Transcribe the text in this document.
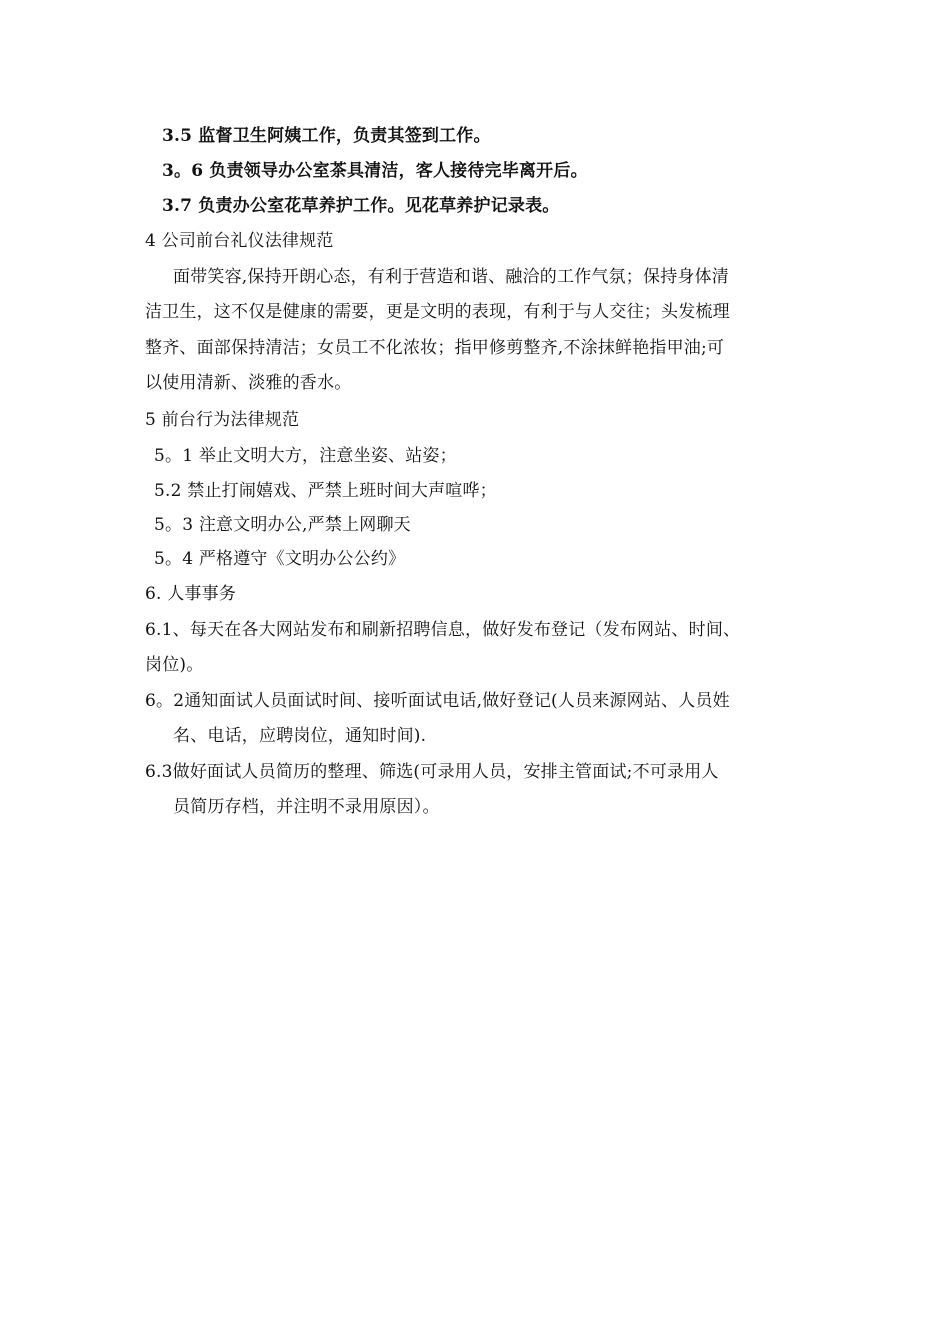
3.5 监督卫生阿姨工作，负责其签到工作。
3。6 负责领导办公室茶具清洁，客人接待完毕离开后。
3.7 负责办公室花草养护工作。见花草养护记录表。
4 公司前台礼仪法律规范
面带笑容,保持开朗心态，有利于营造和谐、融洽的工作气氛；保持身体清
洁卫生，这不仅是健康的需要，更是文明的表现，有利于与人交往；头发梳理
整齐、面部保持清洁；女员工不化浓妆；指甲修剪整齐,不涂抹鲜艳指甲油;可
以使用清新、淡雅的香水。
5 前台行为法律规范
5。1 举止文明大方，注意坐姿、站姿；
5.2 禁止打闹嬉戏、严禁上班时间大声喧哗；
5。3 注意文明办公,严禁上网聊天
5。4 严格遵守《文明办公公约》
6. 人事事务
6.1、每天在各大网站发布和刷新招聘信息，做好发布登记（发布网站、时间、
岗位)。
6。2通知面试人员面试时间、接听面试电话,做好登记(人员来源网站、人员姓
名、电话，应聘岗位，通知时间).
6.3做好面试人员简历的整理、筛选(可录用人员，安排主管面试;不可录用人
员简历存档，并注明不录用原因）。
